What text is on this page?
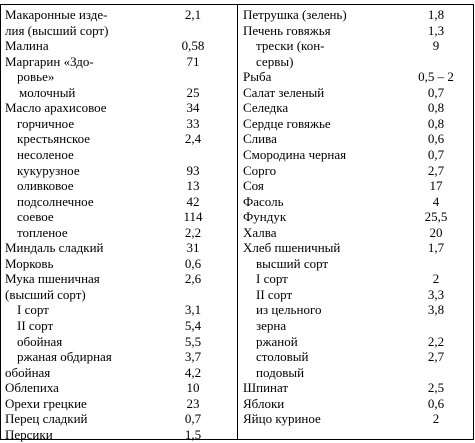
Макаронные изде-	2,1
лия (высший сорт)
Малина	0,58
Маргарин «Здо-	71
ровье»
молочный	25
Масло арахисовое	34
горчичное	33
крестьянское	2,4
несоленое
кукурузное	93
оливковое	13
подсолнечное	42
соевое	114
топленое	2,2
Миндаль сладкий	31
Морковь	0,6
Мука пшеничная	2,6
(высший сорт)
I сорт	3,1
II сорт	5,4
обойная	5,5
ржаная обдирная	3,7
обойная	4,2
Облепиха	10
Орехи грецкие	23
Перец сладкий	0,7
Персики	1,5
Петрушка (зелень)	1,8
Печень говяжья	1,3
трески (кон-	9
сервы)
Рыба	0,5 – 2
Салат зеленый	0,7
Селедка	0,8
Сердце говяжье	0,8
Слива	0,6
Смородина черная	0,7
Сорго	2,7
Соя	17
Фасоль	4
Фундук	25,5
Халва	20
Хлеб пшеничный	1,7
высший сорт
I сорт	2
II сорт	3,3
из цельного	3,8
зерна
ржаной	2,2
столовый	2,7
подовый
Шпинат	2,5
Яблоки	0,6
Яйцо куриное	2
